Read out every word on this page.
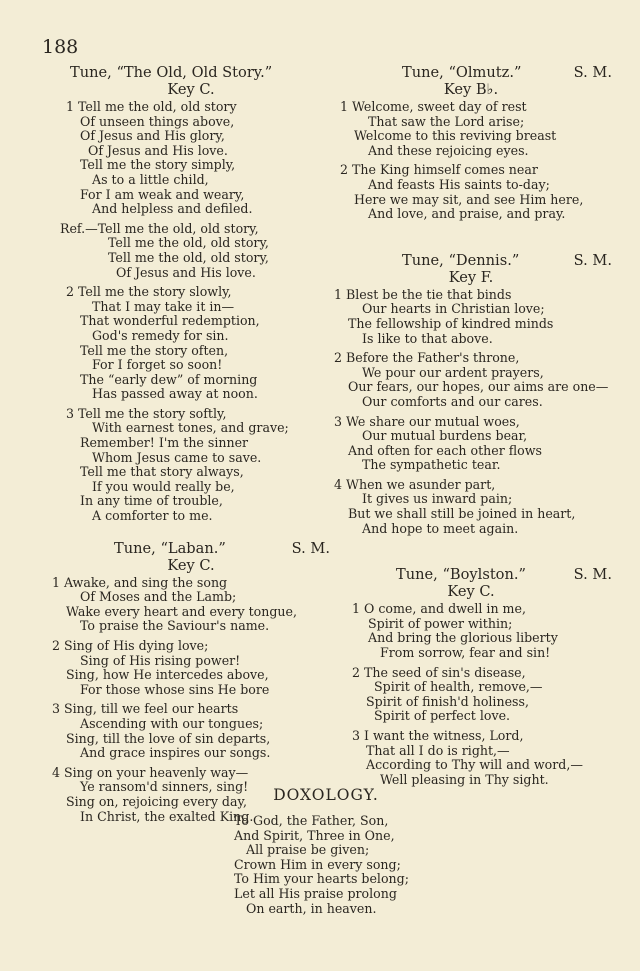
188
Tune, “The Old, Old Story.”
Key C.
1 Tell me the old, old story
Of unseen things above,
Of Jesus and His glory,
Of Jesus and His love.
Tell me the story simply,
As to a little child,
For I am weak and weary,
And helpless and defiled.
Ref.—Tell me the old, old story,
Tell me the old, old story,
Tell me the old, old story,
Of Jesus and His love.
2 Tell me the story slowly,
That I may take it in—
That wonderful redemption,
God's remedy for sin.
Tell me the story often,
For I forget so soon!
The “early dew” of morning
Has passed away at noon.
3 Tell me the story softly,
With earnest tones, and grave;
Remember! I'm the sinner
Whom Jesus came to save.
Tell me that story always,
If you would really be,
In any time of trouble,
A comforter to me.
Tune, “Laban.”	S. M.
Key C.
1 Awake, and sing the song
Of Moses and the Lamb;
Wake every heart and every tongue,
To praise the Saviour's name.
2 Sing of His dying love;
Sing of His rising power!
Sing, how He intercedes above,
For those whose sins He bore
3 Sing, till we feel our hearts
Ascending with our tongues;
Sing, till the love of sin departs,
And grace inspires our songs.
4 Sing on your heavenly way—
Ye ransom'd sinners, sing!
Sing on, rejoicing every day,
In Christ, the exalted King.
Tune, “Olmutz.”	S. M.
Key B♭.
1 Welcome, sweet day of rest
That saw the Lord arise;
Welcome to this reviving breast
And these rejoicing eyes.
2 The King himself comes near
And feasts His saints to-day;
Here we may sit, and see Him here,
And love, and praise, and pray.
Tune, “Dennis.”	S. M.
Key F.
1 Blest be the tie that binds
Our hearts in Christian love;
The fellowship of kindred minds
Is like to that above.
2 Before the Father's throne,
We pour our ardent prayers,
Our fears, our hopes, our aims are one—
Our comforts and our cares.
3 We share our mutual woes,
Our mutual burdens bear,
And often for each other flows
The sympathetic tear.
4 When we asunder part,
It gives us inward pain;
But we shall still be joined in heart,
And hope to meet again.
Tune, “Boylston.”	S. M.
Key C.
1 O come, and dwell in me,
Spirit of power within;
And bring the glorious liberty
From sorrow, fear and sin!
2 The seed of sin's disease,
Spirit of health, remove,—
Spirit of finish'd holiness,
Spirit of perfect love.
3 I want the witness, Lord,
That all I do is right,—
According to Thy will and word,—
Well pleasing in Thy sight.
DOXOLOGY.
To God, the Father, Son,
And Spirit, Three in One,
All praise be given;
Crown Him in every song;
To Him your hearts belong;
Let all His praise prolong
On earth, in heaven.
